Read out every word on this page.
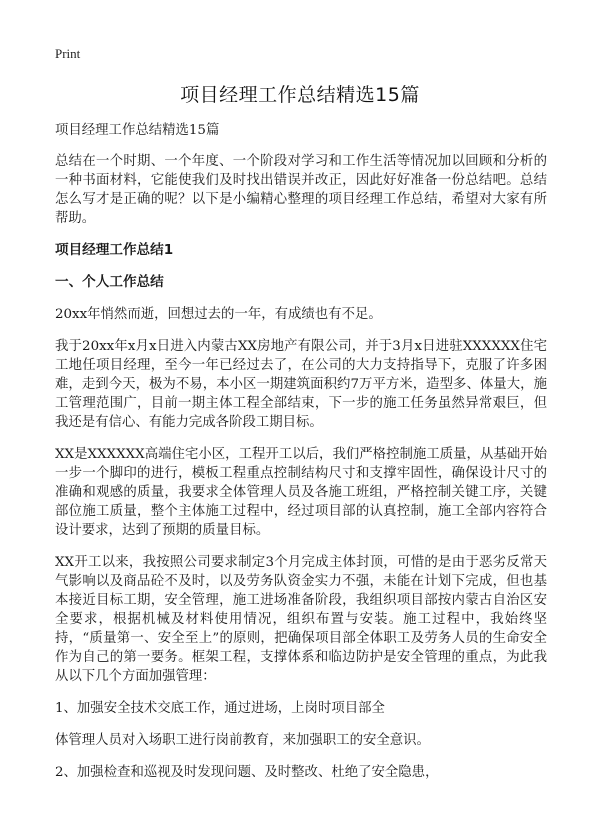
Print
项目经理工作总结精选15篇

项目经理工作总结精选15篇

总结在一个时期、一个年度、一个阶段对学习和工作生活等情况加以回顾和分析的一种书面材料，它能使我们及时找出错误并改正，因此好好准备一份总结吧。总结怎么写才是正确的呢？以下是小编精心整理的项目经理工作总结，希望对大家有所帮助。

项目经理工作总结1
一、个人工作总结

20xx年悄然而逝，回想过去的一年，有成绩也有不足。

我于20xx年x月x日进入内蒙古XX房地产有限公司，并于3月x日进驻XXXXXX住宅工地任项目经理，至今一年已经过去了，在公司的大力支持指导下，克服了许多困难，走到今天，极为不易，本小区一期建筑面积约7万平方米，造型多、体量大，施工管理范围广，目前一期主体工程全部结束，下一步的施工任务虽然异常艰巨，但我还是有信心、有能力完成各阶段工期目标。

XX是XXXXXX高端住宅小区，工程开工以后，我们严格控制施工质量，从基础开始一步一个脚印的进行，模板工程重点控制结构尺寸和支撑牢固性，确保设计尺寸的准确和观感的质量，我要求全体管理人员及各施工班组，严格控制关键工序，关键部位施工质量，整个主体施工过程中，经过项目部的认真控制，施工全部内容符合设计要求，达到了预期的质量目标。

XX开工以来，我按照公司要求制定3个月完成主体封顶，可惜的是由于恶劣反常天气影响以及商品砼不及时，以及劳务队资金实力不强，未能在计划下完成，但也基本接近目标工期，安全管理，施工进场准备阶段，我组织项目部按内蒙古自治区安全要求，根据机械及材料使用情况，组织布置与安装。施工过程中，我始终坚持，“质量第一、安全至上”的原则，把确保项目部全体职工及劳务人员的生命安全作为自己的第一要务。框架工程，支撑体系和临边防护是安全管理的重点，为此我从以下几个方面加强管理：

1、加强安全技术交底工作，通过进场，上岗时项目部全

体管理人员对入场职工进行岗前教育，来加强职工的安全意识。

2、加强检查和巡视及时发现问题、及时整改、杜绝了安全隐患，
